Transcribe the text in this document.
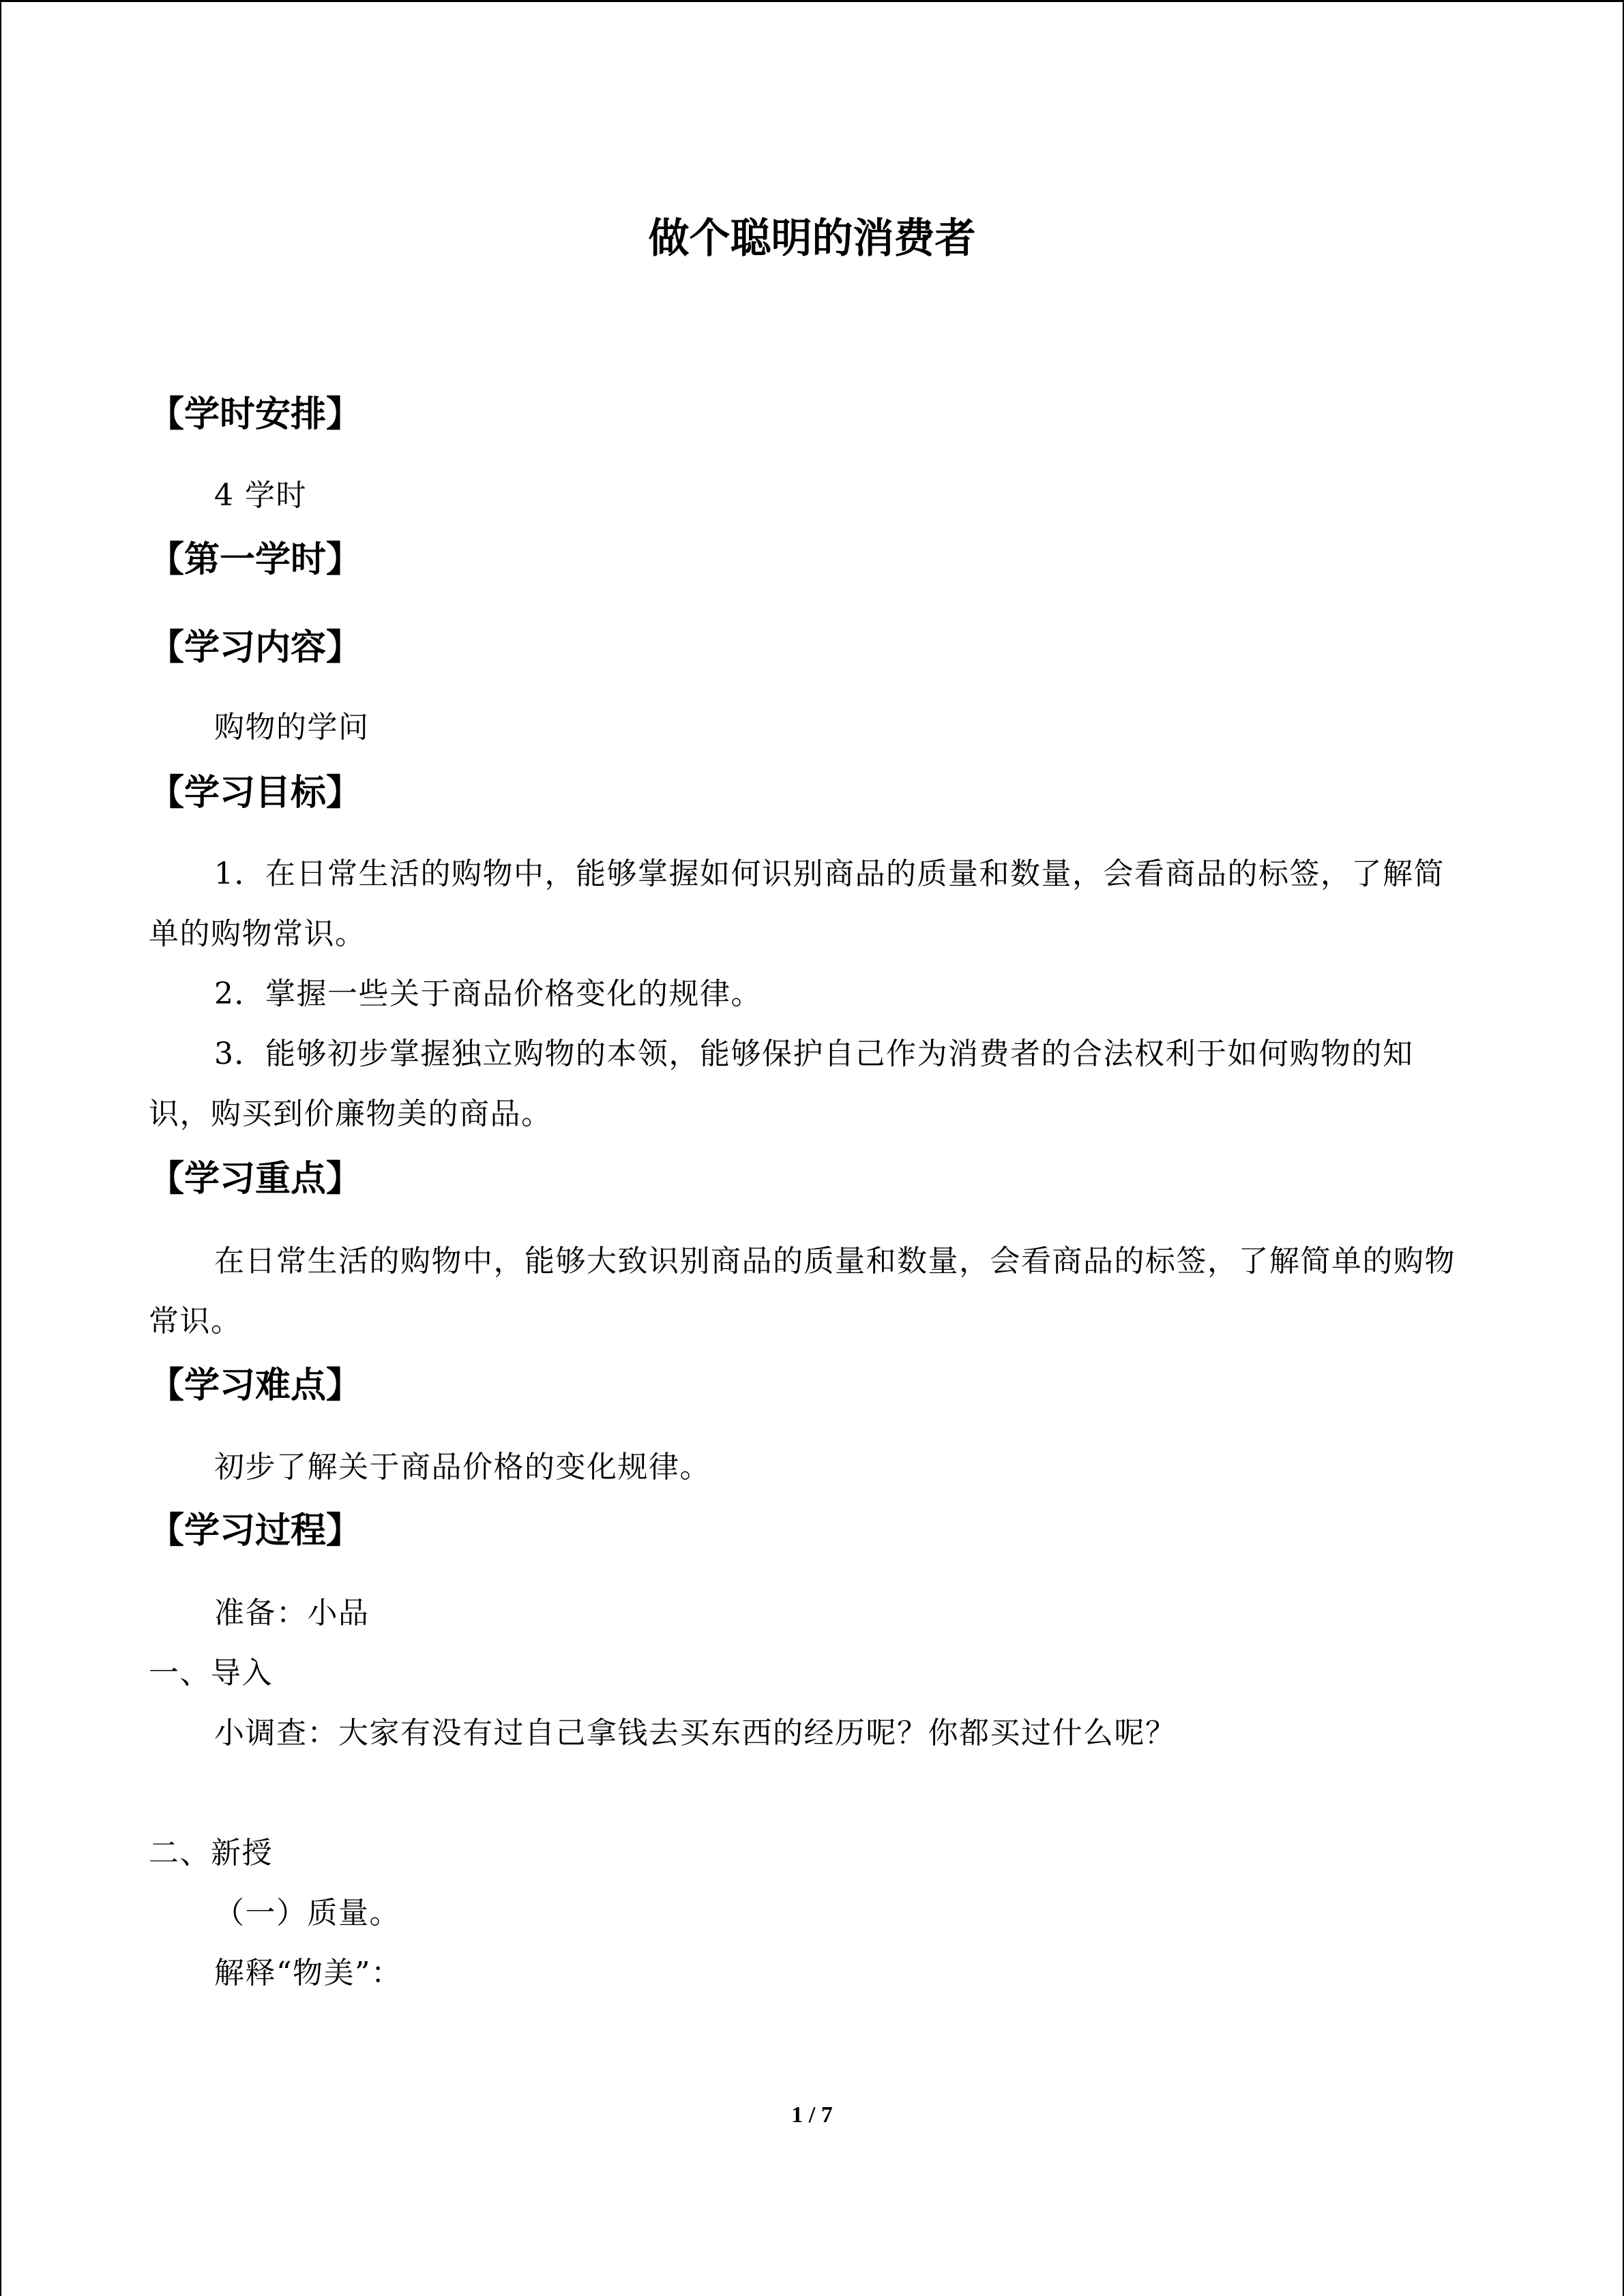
做个聪明的消费者
【学时安排】
4 学时
【第一学时】
【学习内容】
购物的学问
【学习目标】
1．在日常生活的购物中，能够掌握如何识别商品的质量和数量，会看商品的标签，了解简单的购物常识。
2．掌握一些关于商品价格变化的规律。
3．能够初步掌握独立购物的本领，能够保护自己作为消费者的合法权利于如何购物的知识，购买到价廉物美的商品。
【学习重点】
在日常生活的购物中，能够大致识别商品的质量和数量，会看商品的标签，了解简单的购物常识。
【学习难点】
初步了解关于商品价格的变化规律。
【学习过程】
准备：小品
一、导入
小调查：大家有没有过自己拿钱去买东西的经历呢？你都买过什么呢？
二、新授
（一）质量。
解释“物美”：
1 / 7
